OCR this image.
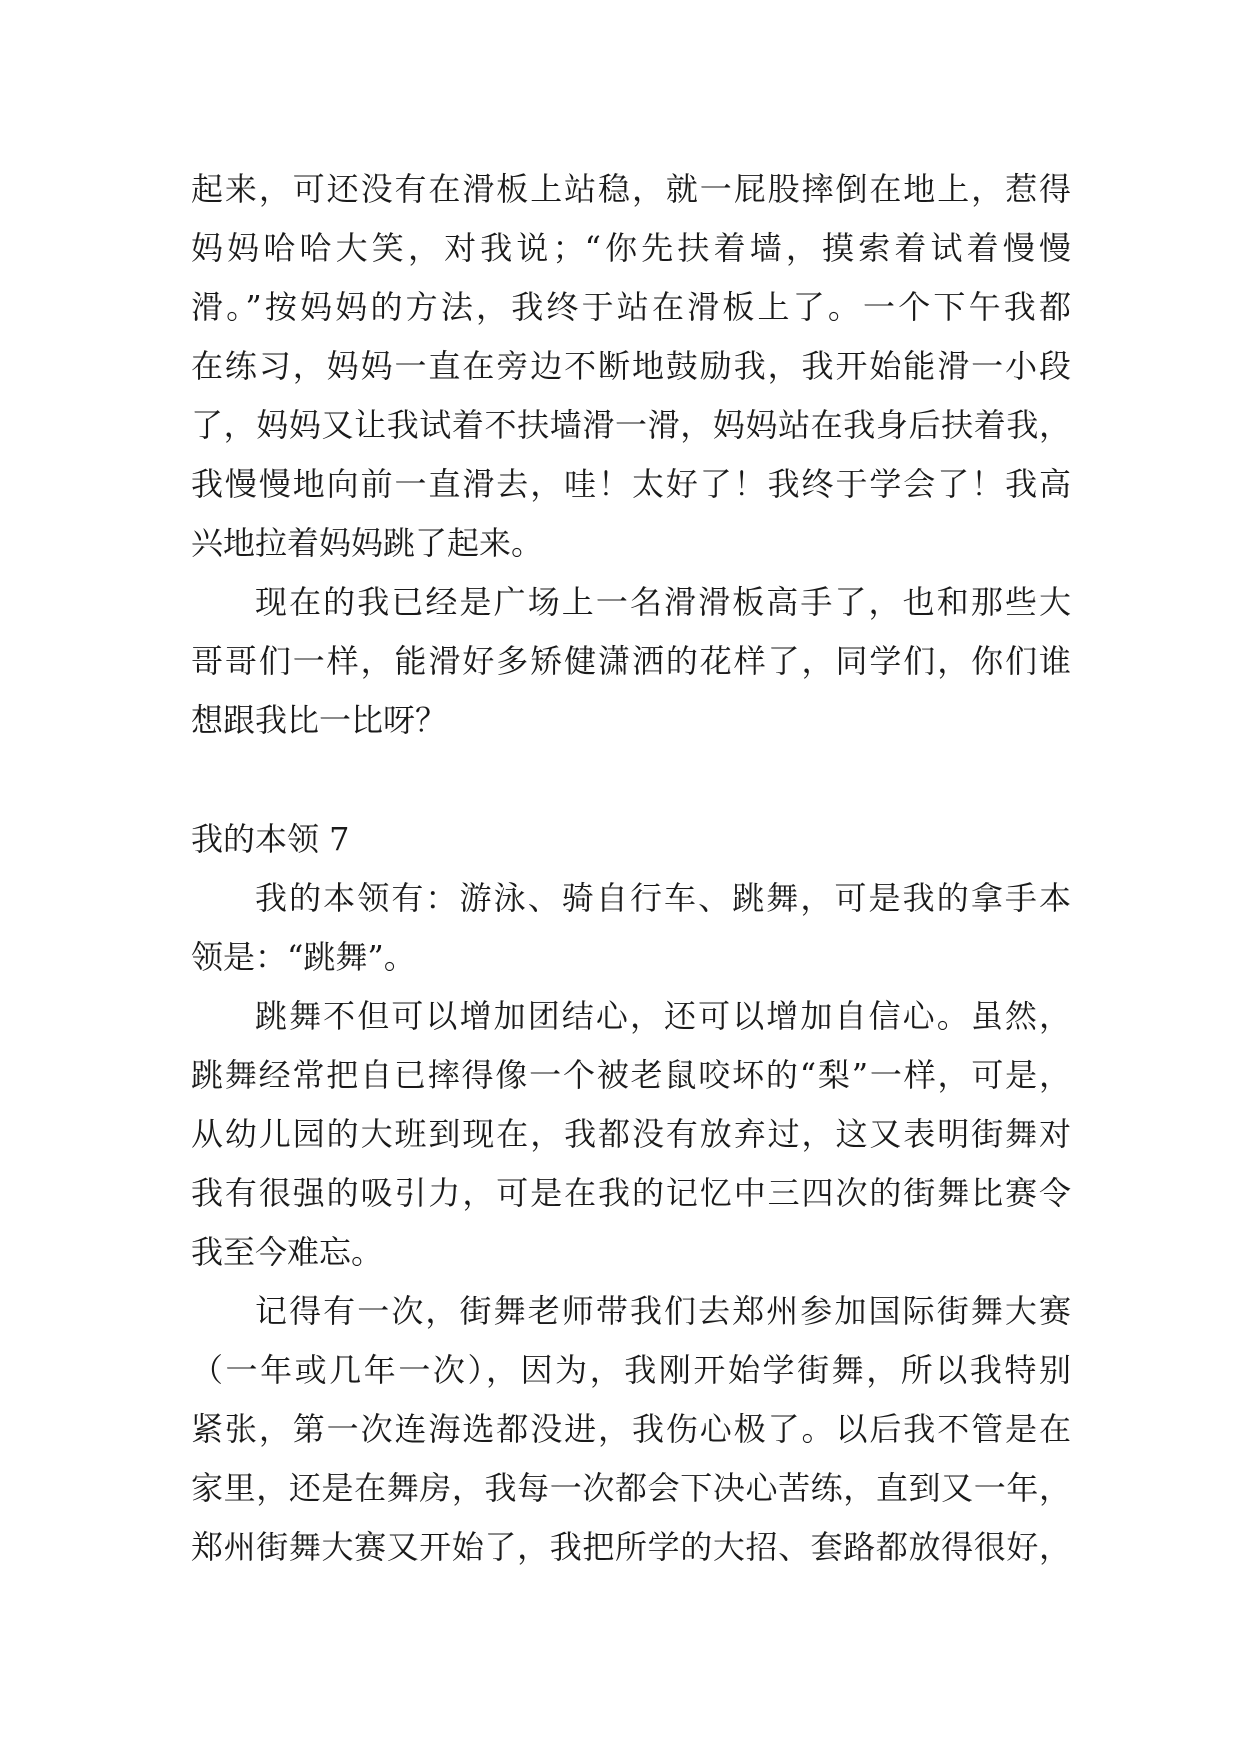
起来，可还没有在滑板上站稳，就一屁股摔倒在地上，惹得
妈妈哈哈大笑，对我说；“你先扶着墙，摸索着试着慢慢
滑。”按妈妈的方法，我终于站在滑板上了。一个下午我都
在练习，妈妈一直在旁边不断地鼓励我，我开始能滑一小段
了，妈妈又让我试着不扶墙滑一滑，妈妈站在我身后扶着我，
我慢慢地向前一直滑去，哇！太好了！我终于学会了！我高
兴地拉着妈妈跳了起来。
现在的我已经是广场上一名滑滑板高手了，也和那些大
哥哥们一样，能滑好多矫健潇洒的花样了，同学们，你们谁
想跟我比一比呀？
我的本领 7
我的本领有：游泳、骑自行车、跳舞，可是我的拿手本
领是：“跳舞”。
跳舞不但可以增加团结心，还可以增加自信心。虽然，
跳舞经常把自已摔得像一个被老鼠咬坏的“梨”一样，可是，
从幼儿园的大班到现在，我都没有放弃过，这又表明街舞对
我有很强的吸引力，可是在我的记忆中三四次的街舞比赛令
我至今难忘。
记得有一次，街舞老师带我们去郑州参加国际街舞大赛
（一年或几年一次），因为，我刚开始学街舞，所以我特别
紧张，第一次连海选都没进，我伤心极了。以后我不管是在
家里，还是在舞房，我每一次都会下决心苦练，直到又一年，
郑州街舞大赛又开始了，我把所学的大招、套路都放得很好，
